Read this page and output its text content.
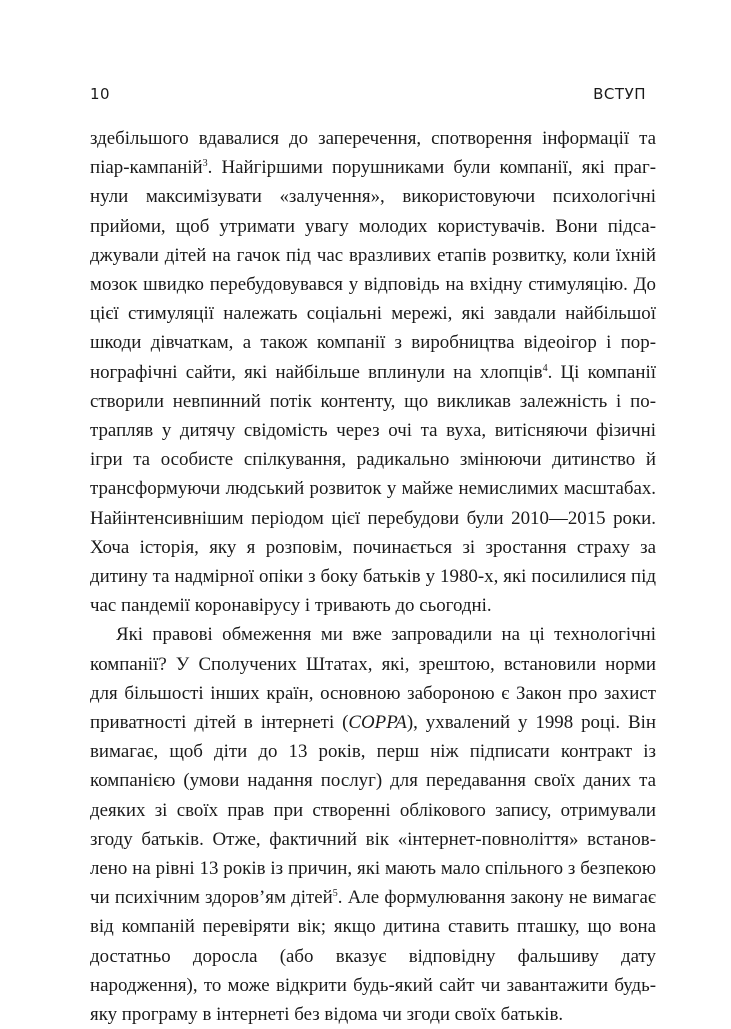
10	ВСТУП

здебільшого вдавалися до заперечення, спотворення інформації та піар-кампаній$^3$. Найгіршими порушниками були компанії, які прагнули максимізувати «залучення», використовуючи психологічні прийоми, щоб утримати увагу молодих користувачів. Вони підсаджували дітей на гачок під час вразливих етапів розвитку, коли їхній мозок швидко перебудовувався у відповідь на вхідну стимуляцію. До цієї стимуляції належать соціальні мережі, які завдали найбільшої шкоди дівчаткам, а також компанії з виробництва відеоігор і порнографічні сайти, які найбільше вплинули на хлопців$^4$. Ці компанії створили невпинний потік контенту, що викликав залежність і потрапляв у дитячу свідомість через очі та вуха, витісняючи фізичні ігри та особисте спілкування, радикально змінюючи дитинство й трансформуючи людський розвиток у майже немислимих масштабах. Найінтенсивнішим періодом цієї перебудови були 2010—2015 роки. Хоча історія, яку я розповім, починається зі зростання страху за дитину та надмірної опіки з боку батьків у 1980-х, які посилилися під час пандемії коронавірусу і тривають до сьогодні.

Які правові обмеження ми вже запровадили на ці технологічні компанії? У Сполучених Штатах, які, зрештою, встановили норми для більшості інших країн, основною забороною є Закон про захист приватності дітей в інтернеті (COPPA), ухвалений у 1998 році. Він вимагає, щоб діти до 13 років, перш ніж підписати контракт із компанією (умови надання послуг) для передавання своїх даних та деяких зі своїх прав при створенні облікового запису, отримували згоду батьків. Отже, фактичний вік «інтернет-повноліття» встановлено на рівні 13 років із причин, які мають мало спільного з безпекою чи психічним здоров’ям дітей$^5$. Але формулювання закону не вимагає від компаній перевіряти вік; якщо дитина ставить пташку, що вона достатньо доросла (або вказує відповідну фальшиву дату народження), то може відкрити будь-який сайт чи завантажити будь-яку програму в інтернеті без відома чи згоди своїх батьків.
